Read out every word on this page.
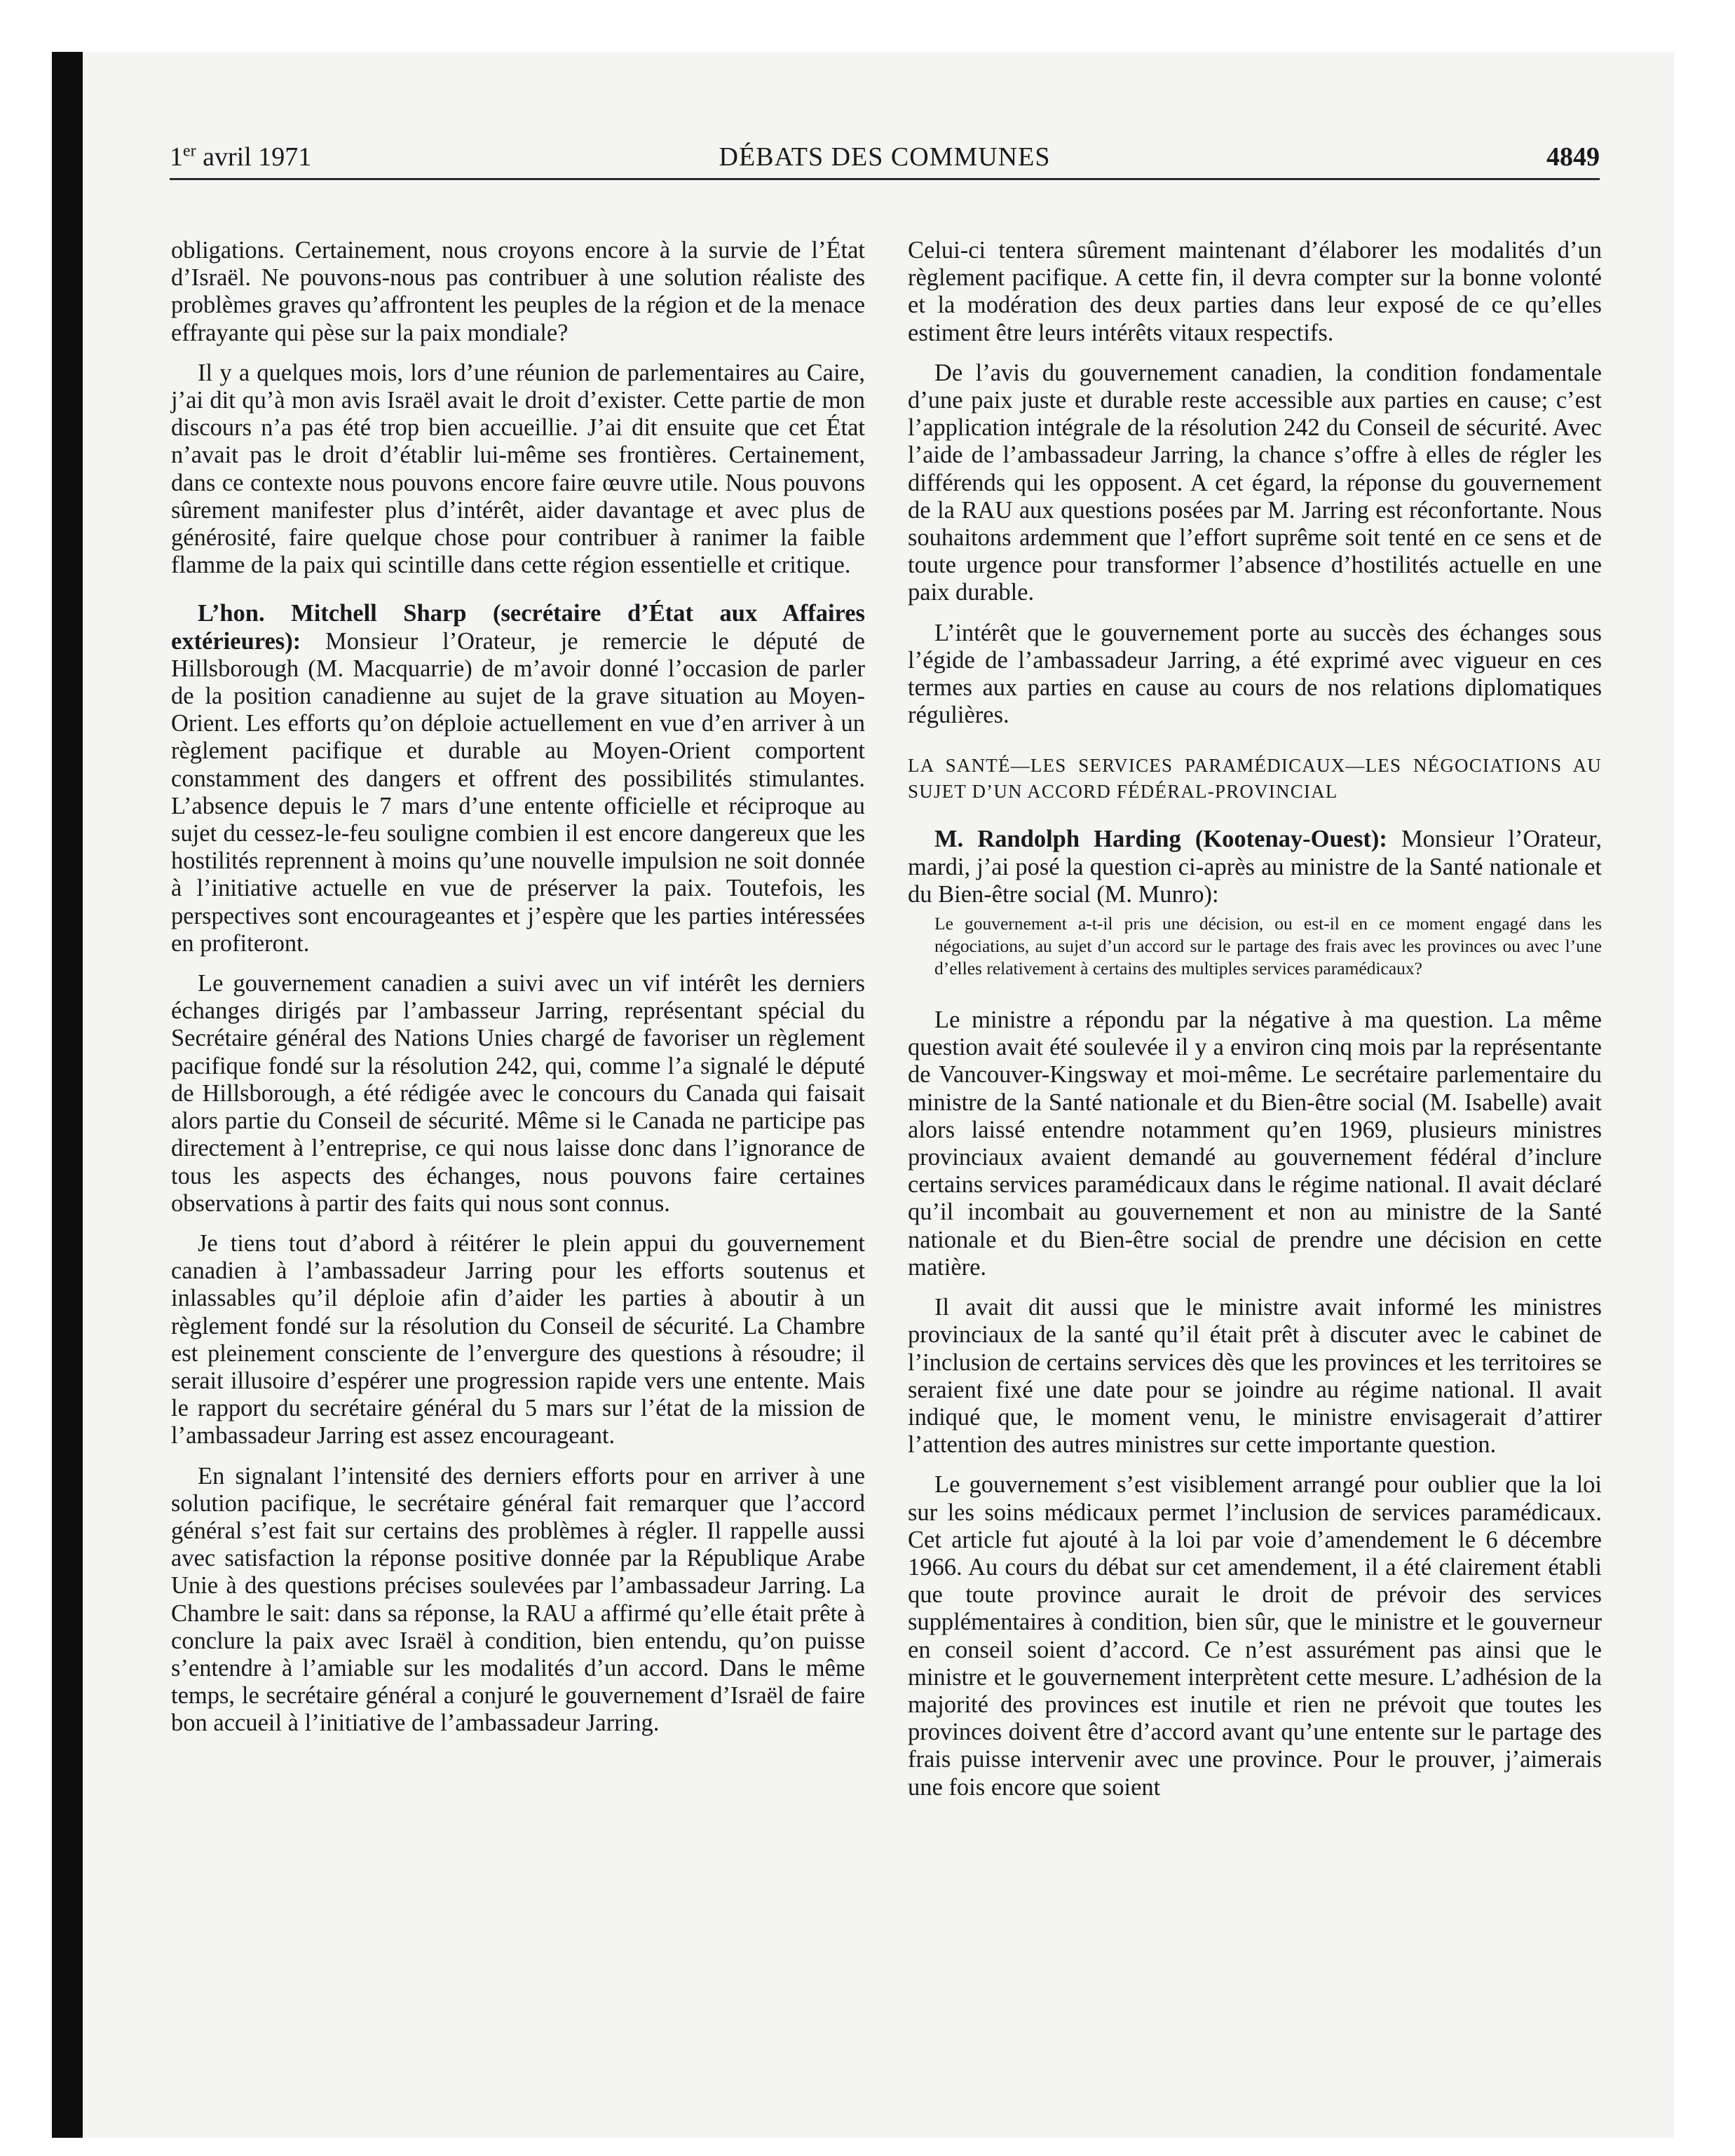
1er avril 1971	DÉBATS DES COMMUNES	4849

obligations. Certainement, nous croyons encore à la survie de l’État d’Israël. Ne pouvons-nous pas contribuer à une solution réaliste des problèmes graves qu’affrontent les peuples de la région et de la menace effrayante qui pèse sur la paix mondiale?

Il y a quelques mois, lors d’une réunion de parlementaires au Caire, j’ai dit qu’à mon avis Israël avait le droit d’exister. Cette partie de mon discours n’a pas été trop bien accueillie. J’ai dit ensuite que cet État n’avait pas le droit d’établir lui-même ses frontières. Certainement, dans ce contexte nous pouvons encore faire œuvre utile. Nous pouvons sûrement manifester plus d’intérêt, aider davantage et avec plus de générosité, faire quelque chose pour contribuer à ranimer la faible flamme de la paix qui scintille dans cette région essentielle et critique.

L’hon. Mitchell Sharp (secrétaire d’État aux Affaires extérieures): Monsieur l’Orateur, je remercie le député de Hillsborough (M. Macquarrie) de m’avoir donné l’occasion de parler de la position canadienne au sujet de la grave situation au Moyen-Orient. Les efforts qu’on déploie actuellement en vue d’en arriver à un règlement pacifique et durable au Moyen-Orient comportent constamment des dangers et offrent des possibilités stimulantes. L’absence depuis le 7 mars d’une entente officielle et réciproque au sujet du cessez-le-feu souligne combien il est encore dangereux que les hostilités reprennent à moins qu’une nouvelle impulsion ne soit donnée à l’initiative actuelle en vue de préserver la paix. Toutefois, les perspectives sont encourageantes et j’espère que les parties intéressées en profiteront.

Le gouvernement canadien a suivi avec un vif intérêt les derniers échanges dirigés par l’ambasseur Jarring, représentant spécial du Secrétaire général des Nations Unies chargé de favoriser un règlement pacifique fondé sur la résolution 242, qui, comme l’a signalé le député de Hillsborough, a été rédigée avec le concours du Canada qui faisait alors partie du Conseil de sécurité. Même si le Canada ne participe pas directement à l’entreprise, ce qui nous laisse donc dans l’ignorance de tous les aspects des échanges, nous pouvons faire certaines observations à partir des faits qui nous sont connus.

Je tiens tout d’abord à réitérer le plein appui du gouvernement canadien à l’ambassadeur Jarring pour les efforts soutenus et inlassables qu’il déploie afin d’aider les parties à aboutir à un règlement fondé sur la résolution du Conseil de sécurité. La Chambre est pleinement consciente de l’envergure des questions à résoudre; il serait illusoire d’espérer une progression rapide vers une entente. Mais le rapport du secrétaire général du 5 mars sur l’état de la mission de l’ambassadeur Jarring est assez encourageant.

En signalant l’intensité des derniers efforts pour en arriver à une solution pacifique, le secrétaire général fait remarquer que l’accord général s’est fait sur certains des problèmes à régler. Il rappelle aussi avec satisfaction la réponse positive donnée par la République Arabe Unie à des questions précises soulevées par l’ambassadeur Jarring. La Chambre le sait: dans sa réponse, la RAU a affirmé qu’elle était prête à conclure la paix avec Israël à condition, bien entendu, qu’on puisse s’entendre à l’amiable sur les modalités d’un accord. Dans le même temps, le secrétaire général a conjuré le gouvernement d’Israël de faire bon accueil à l’initiative de l’ambassadeur Jarring.

Celui-ci tentera sûrement maintenant d’élaborer les modalités d’un règlement pacifique. A cette fin, il devra compter sur la bonne volonté et la modération des deux parties dans leur exposé de ce qu’elles estiment être leurs intérêts vitaux respectifs.

De l’avis du gouvernement canadien, la condition fondamentale d’une paix juste et durable reste accessible aux parties en cause; c’est l’application intégrale de la résolution 242 du Conseil de sécurité. Avec l’aide de l’ambassadeur Jarring, la chance s’offre à elles de régler les différends qui les opposent. A cet égard, la réponse du gouvernement de la RAU aux questions posées par M. Jarring est réconfortante. Nous souhaitons ardemment que l’effort suprême soit tenté en ce sens et de toute urgence pour transformer l’absence d’hostilités actuelle en une paix durable.

L’intérêt que le gouvernement porte au succès des échanges sous l’égide de l’ambassadeur Jarring, a été exprimé avec vigueur en ces termes aux parties en cause au cours de nos relations diplomatiques régulières.

LA SANTÉ—LES SERVICES PARAMÉDICAUX—LES NÉGOCIATIONS AU SUJET D’UN ACCORD FÉDÉRAL-PROVINCIAL

M. Randolph Harding (Kootenay-Ouest): Monsieur l’Orateur, mardi, j’ai posé la question ci-après au ministre de la Santé nationale et du Bien-être social (M. Munro):

Le gouvernement a-t-il pris une décision, ou est-il en ce moment engagé dans les négociations, au sujet d’un accord sur le partage des frais avec les provinces ou avec l’une d’elles relativement à certains des multiples services paramédicaux?

Le ministre a répondu par la négative à ma question. La même question avait été soulevée il y a environ cinq mois par la représentante de Vancouver-Kingsway et moi-même. Le secrétaire parlementaire du ministre de la Santé nationale et du Bien-être social (M. Isabelle) avait alors laissé entendre notamment qu’en 1969, plusieurs ministres provinciaux avaient demandé au gouvernement fédéral d’inclure certains services paramédicaux dans le régime national. Il avait déclaré qu’il incombait au gouvernement et non au ministre de la Santé nationale et du Bien-être social de prendre une décision en cette matière.

Il avait dit aussi que le ministre avait informé les ministres provinciaux de la santé qu’il était prêt à discuter avec le cabinet de l’inclusion de certains services dès que les provinces et les territoires se seraient fixé une date pour se joindre au régime national. Il avait indiqué que, le moment venu, le ministre envisagerait d’attirer l’attention des autres ministres sur cette importante question.

Le gouvernement s’est visiblement arrangé pour oublier que la loi sur les soins médicaux permet l’inclusion de services paramédicaux. Cet article fut ajouté à la loi par voie d’amendement le 6 décembre 1966. Au cours du débat sur cet amendement, il a été clairement établi que toute province aurait le droit de prévoir des services supplémentaires à condition, bien sûr, que le ministre et le gouverneur en conseil soient d’accord. Ce n’est assurément pas ainsi que le ministre et le gouvernement interprètent cette mesure. L’adhésion de la majorité des provinces est inutile et rien ne prévoit que toutes les provinces doivent être d’accord avant qu’une entente sur le partage des frais puisse intervenir avec une province. Pour le prouver, j’aimerais une fois encore que soient
